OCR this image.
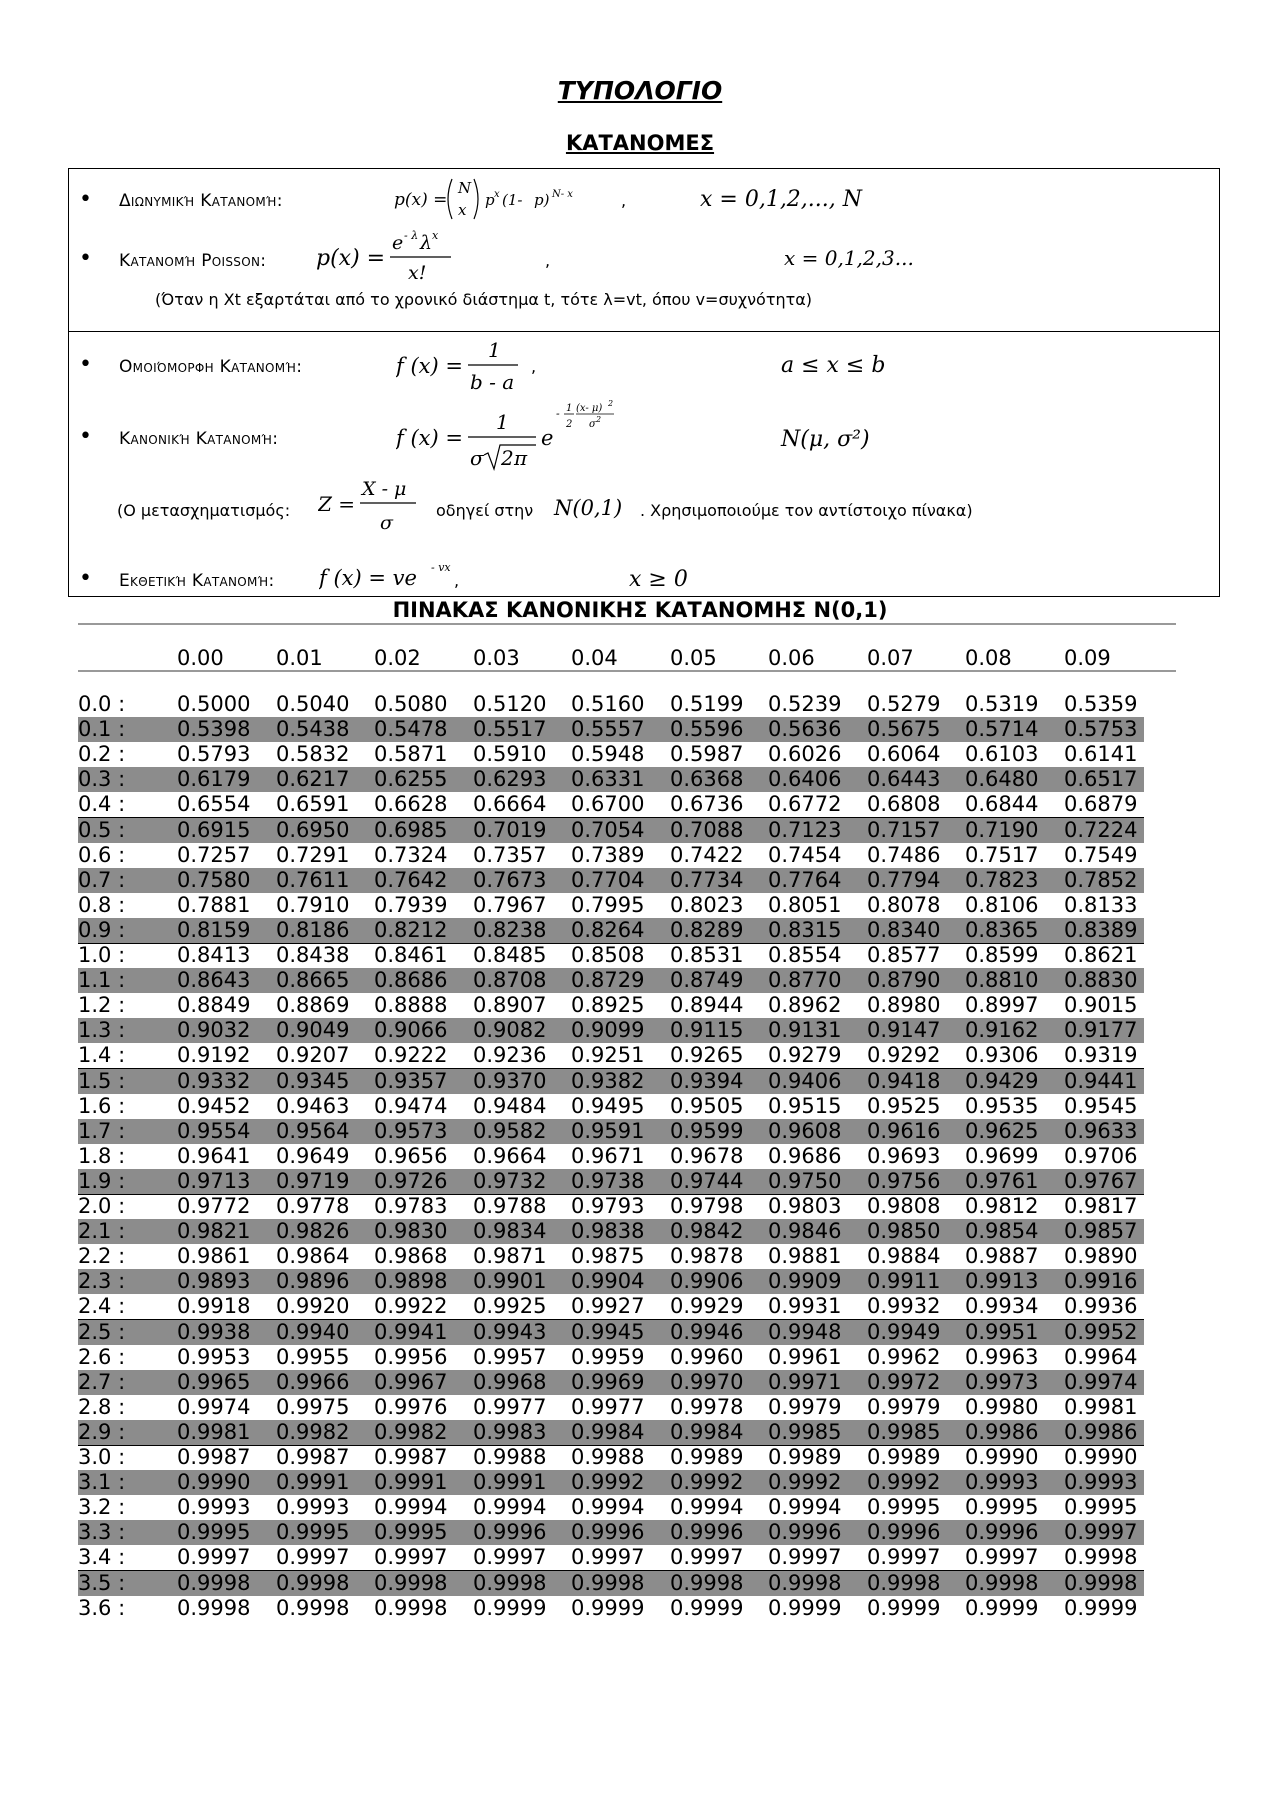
ΤΥΠΟΛΟΓΙΟ
ΚΑΤΑΝΟΜΕΣ
• Διωνυμική Κατανομή:	p(x) =
N
x
p x (1- p) N- x	,	x = 0,1,2,..., N
• Κατανομή Poisson: p(x) =
e - λ λ x
x!
,	x = 0,1,2,3...
(Όταν η Xt εξαρτάται από το χρονικό διάστημα t, τότε λ=vt, όπου v=συχνότητα)
• Ομοιόμορφη Κατανομή:	f (x) =
1
b - a
,	a ≤ x ≤ b
• Κανονική Κατανομή:	f (x) =
1
σ 2 π
e
- 1
2
(x- μ) 2
σ 2
N(μ, σ²)
(Ο μετασχηματισμός: Z =
X - μ
σ
οδηγεί στην N(0,1) . Χρησιμοποιούμε τον αντίστοιχο πίνακα)
• Εκθετική Κατανομή: f (x) = ve - vx
,	x ≥ 0
ΠΙΝΑΚΑΣ ΚΑΝΟΝΙΚΗΣ ΚΑΤΑΝΟΜΗΣ N(0,1)
0.00 0.01 0.02 0.03 0.04 0.05 0.06 0.07 0.08 0.09
0.0 : 0.5000 0.5040 0.5080 0.5120 0.5160 0.5199 0.5239 0.5279 0.5319 0.5359
0.1 : 0.5398 0.5438 0.5478 0.5517 0.5557 0.5596 0.5636 0.5675 0.5714 0.5753
0.2 : 0.5793 0.5832 0.5871 0.5910 0.5948 0.5987 0.6026 0.6064 0.6103 0.6141
0.3 : 0.6179 0.6217 0.6255 0.6293 0.6331 0.6368 0.6406 0.6443 0.6480 0.6517
0.4 : 0.6554 0.6591 0.6628 0.6664 0.6700 0.6736 0.6772 0.6808 0.6844 0.6879
0.5 : 0.6915 0.6950 0.6985 0.7019 0.7054 0.7088 0.7123 0.7157 0.7190 0.7224
0.6 : 0.7257 0.7291 0.7324 0.7357 0.7389 0.7422 0.7454 0.7486 0.7517 0.7549
0.7 : 0.7580 0.7611 0.7642 0.7673 0.7704 0.7734 0.7764 0.7794 0.7823 0.7852
0.8 : 0.7881 0.7910 0.7939 0.7967 0.7995 0.8023 0.8051 0.8078 0.8106 0.8133
0.9 : 0.8159 0.8186 0.8212 0.8238 0.8264 0.8289 0.8315 0.8340 0.8365 0.8389
1.0 : 0.8413 0.8438 0.8461 0.8485 0.8508 0.8531 0.8554 0.8577 0.8599 0.8621
1.1 : 0.8643 0.8665 0.8686 0.8708 0.8729 0.8749 0.8770 0.8790 0.8810 0.8830
1.2 : 0.8849 0.8869 0.8888 0.8907 0.8925 0.8944 0.8962 0.8980 0.8997 0.9015
1.3 : 0.9032 0.9049 0.9066 0.9082 0.9099 0.9115 0.9131 0.9147 0.9162 0.9177
1.4 : 0.9192 0.9207 0.9222 0.9236 0.9251 0.9265 0.9279 0.9292 0.9306 0.9319
1.5 : 0.9332 0.9345 0.9357 0.9370 0.9382 0.9394 0.9406 0.9418 0.9429 0.9441
1.6 : 0.9452 0.9463 0.9474 0.9484 0.9495 0.9505 0.9515 0.9525 0.9535 0.9545
1.7 : 0.9554 0.9564 0.9573 0.9582 0.9591 0.9599 0.9608 0.9616 0.9625 0.9633
1.8 : 0.9641 0.9649 0.9656 0.9664 0.9671 0.9678 0.9686 0.9693 0.9699 0.9706
1.9 : 0.9713 0.9719 0.9726 0.9732 0.9738 0.9744 0.9750 0.9756 0.9761 0.9767
2.0 : 0.9772 0.9778 0.9783 0.9788 0.9793 0.9798 0.9803 0.9808 0.9812 0.9817
2.1 : 0.9821 0.9826 0.9830 0.9834 0.9838 0.9842 0.9846 0.9850 0.9854 0.9857
2.2 : 0.9861 0.9864 0.9868 0.9871 0.9875 0.9878 0.9881 0.9884 0.9887 0.9890
2.3 : 0.9893 0.9896 0.9898 0.9901 0.9904 0.9906 0.9909 0.9911 0.9913 0.9916
2.4 : 0.9918 0.9920 0.9922 0.9925 0.9927 0.9929 0.9931 0.9932 0.9934 0.9936
2.5 : 0.9938 0.9940 0.9941 0.9943 0.9945 0.9946 0.9948 0.9949 0.9951 0.9952
2.6 : 0.9953 0.9955 0.9956 0.9957 0.9959 0.9960 0.9961 0.9962 0.9963 0.9964
2.7 : 0.9965 0.9966 0.9967 0.9968 0.9969 0.9970 0.9971 0.9972 0.9973 0.9974
2.8 : 0.9974 0.9975 0.9976 0.9977 0.9977 0.9978 0.9979 0.9979 0.9980 0.9981
2.9 : 0.9981 0.9982 0.9982 0.9983 0.9984 0.9984 0.9985 0.9985 0.9986 0.9986
3.0 : 0.9987 0.9987 0.9987 0.9988 0.9988 0.9989 0.9989 0.9989 0.9990 0.9990
3.1 : 0.9990 0.9991 0.9991 0.9991 0.9992 0.9992 0.9992 0.9992 0.9993 0.9993
3.2 : 0.9993 0.9993 0.9994 0.9994 0.9994 0.9994 0.9994 0.9995 0.9995 0.9995
3.3 : 0.9995 0.9995 0.9995 0.9996 0.9996 0.9996 0.9996 0.9996 0.9996 0.9997
3.4 : 0.9997 0.9997 0.9997 0.9997 0.9997 0.9997 0.9997 0.9997 0.9997 0.9998
3.5 : 0.9998 0.9998 0.9998 0.9998 0.9998 0.9998 0.9998 0.9998 0.9998 0.9998
3.6 : 0.9998 0.9998 0.9998 0.9999 0.9999 0.9999 0.9999 0.9999 0.9999 0.9999
